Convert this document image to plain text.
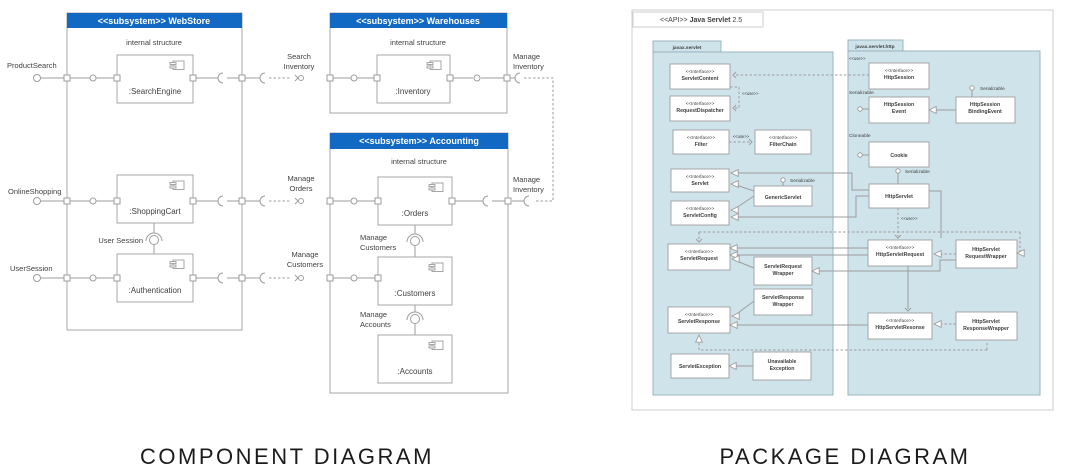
<<subsystem>> WebStore
internal structure
<<subsystem>> Warehouses
internal structure
<<subsystem>> Accounting
internal structure
:SearchEngine
:ShoppingCart
:Authentication
:Inventory
:Orders
:Customers
:Accounts
ProductSearch
OnlineShopping
UserSession
Search
Inventory
Manage
Orders
Manage
Customers
Manage
Inventory
Manage
Inventory
User Session	Manage
Customers
Manage
Accounts
<<API>> Java Servlet 2.5
javax.servlet	javax.servlet.http
<<Interface>>
ServletContent
<<Interface>>
RequestDispatcher
<<Interface>>
Filter
<<Interface>>
FilterChain
<<Interface>>
Servlet
GenericServlet
<<Interface>>
ServletConfig
<<Interface>>
ServletRequest
ServletRequest
Wrapper
ServletResponse
Wrapper
<<Interface>>
ServletResponse
ServletException
Unavailable
Exception
<<Interface>>
HttpSession
HttpSession
Event
HttpSession
BindingEvent
Cookie
HttpServlet
<<Interface>>
HttpServletRequest
HttpServlet
RequestWrapper
<<Interface>>
HttpServletResonse
HttpServlet
ResponseWrapper
Serializable
Serializable
Serializable
Cloneable
Serializable
<<use>>
<<use>>
<<use>>
<<use>>
COMPONENT DIAGRAM	PACKAGE DIAGRAM
